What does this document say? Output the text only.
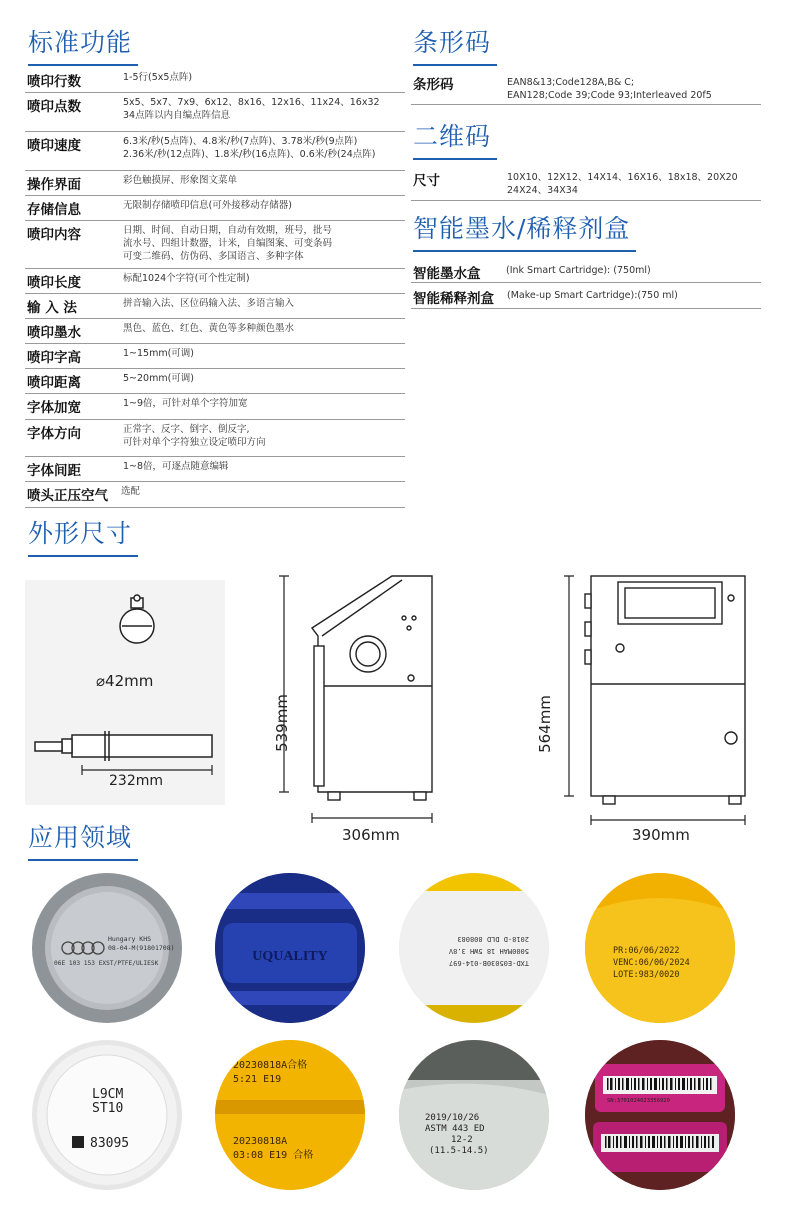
标准功能
喷印行数	1-5行(5x5点阵)
喷印点数	5x5、5x7、7x9、6x12、8x16、12x16、11x24、16x32
34点阵以内自编点阵信息
喷印速度	6.3米/秒(5点阵)、4.8米/秒(7点阵)、3.78米/秒(9点阵)
2.36米/秒(12点阵)、1.8米/秒(16点阵)、0.6米/秒(24点阵)
操作界面	彩色触摸屏、形象图文菜单
存储信息	无限制存储喷印信息(可外接移动存储器)
喷印内容	日期、时间、自动日期，自动有效期，班号，批号
流水号、四组计数器，计米，自编图案、可变条码
可变二维码、仿伪码、多国语言、多种字体
喷印长度	标配1024个字符(可个性定制)
输 入 法	拼音输入法、区位码输入法、多语言输入
喷印墨水	黑色、蓝色、红色、黄色等多种颜色墨水
喷印字高	1~15mm(可调)
喷印距离	5~20mm(可调)
字体加宽	1~9倍，可针对单个字符加宽
字体方向	正常字、反字、倒字、倒反字,
可针对单个字符独立设定喷印方向
字体间距	1~8倍，可逐点随意编辑
喷头正压空气 选配
条形码
条形码	EAN8&13;Code128A,B& C;
EAN128;Code 39;Code 93;Interleaved 20f5
二维码
尺寸	10X10、12X12、14X14、16X16、18x18、20X20
24X24、34X34
智能墨水/稀释剂盒
智能墨水盒	(Ink Smart Cartridge): (750ml)
智能稀释剂盒 (Make-up Smart Cartridge):(750 ml)
外形尺寸
⌀42mm
232mm
539mm
306mm
564mm
390mm
应用领域
Hungary KHS
08-04-M(91801708)
06E 103 153 EXST/PTFE/ULIESK	UQUALITY	TXD-E05030B-014-697
5000MAH 18 5WH 3.8V
2018-D DLD 808083
PR:06/06/2022
VENC:06/06/2024
LOTE:983/0020
L9CM
ST10
83095
20230818A合格
5:21 E19
20230818A
03:08 E19 合格
2019/10/26
ASTM 443 ED
12-2
(11.5-14.5)
SN:3701024023356920
